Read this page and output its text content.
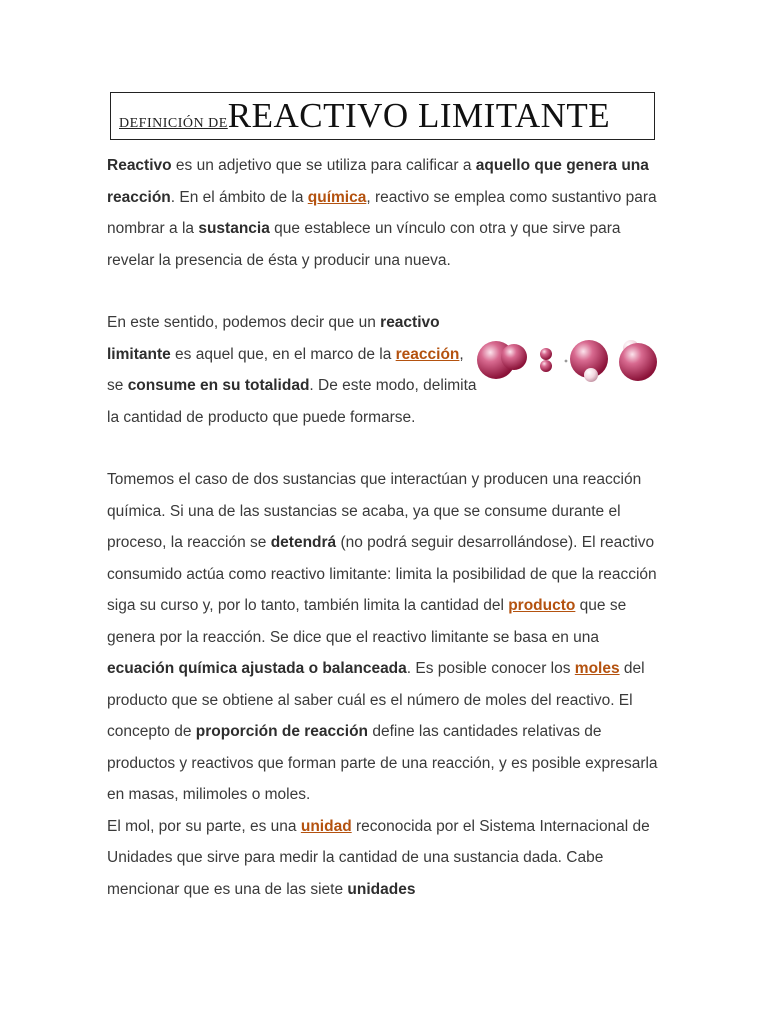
DEFINICIÓN DE REACTIVO LIMITANTE
Reactivo es un adjetivo que se utiliza para calificar a aquello que genera una reacción. En el ámbito de la química, reactivo se emplea como sustantivo para nombrar a la sustancia que establece un vínculo con otra y que sirve para revelar la presencia de ésta y producir una nueva.
En este sentido, podemos decir que un reactivo limitante es aquel que, en el marco de la reacción, se consume en su totalidad. De este modo, delimita la cantidad de producto que puede formarse.
Tomemos el caso de dos sustancias que interactúan y producen una reacción química. Si una de las sustancias se acaba, ya que se consume durante el proceso, la reacción se detendrá (no podrá seguir desarrollándose). El reactivo consumido actúa como reactivo limitante: limita la posibilidad de que la reacción siga su curso y, por lo tanto, también limita la cantidad del producto que se genera por la reacción. Se dice que el reactivo limitante se basa en una ecuación química ajustada o balanceada. Es posible conocer los moles del producto que se obtiene al saber cuál es el número de moles del reactivo. El concepto de proporción de reacción define las cantidades relativas de productos y reactivos que forman parte de una reacción, y es posible expresarla en masas, milimoles o moles.
El mol, por su parte, es una unidad reconocida por el Sistema Internacional de Unidades que sirve para medir la cantidad de una sustancia dada. Cabe mencionar que es una de las siete unidades
